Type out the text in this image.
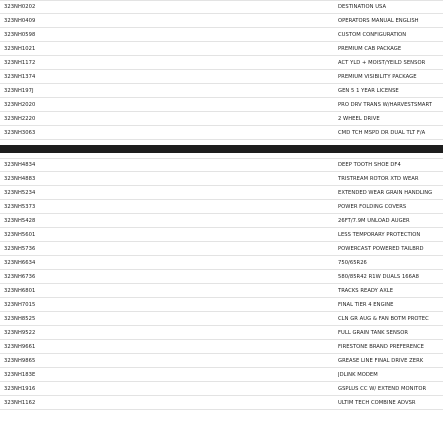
323NH0202	DESTINATION USA
323NH0409	OPERATORS MANUAL ENGLISH
323NH0598	CUSTOM CONFIGURATION
323NH1021	PREMIUM CAB PACKAGE
323NH1172	ACT YLD + MOIST/YEILD SENSOR
323NH1374	PREMIUM VISIBILITY PACKAGE
323NH197J	GEN 5 1 YEAR LICENSE
323NH2020	PRO DRV TRANS W/HARVESTSMART
323NH2220	2 WHEEL DRIVE
323NH3063	CMD TCH MSPD DR DUAL TLT F/A
323NH4834	DEEP TOOTH SHOE DF4
323NH4883	TRISTREAM ROTOR XTD WEAR
323NH5234	EXTENDED WEAR GRAIN HANDLING
323NH5373	POWER FOLDING COVERS
323NH5428	26FT/7.9M UNLOAD AUGER
323NH5601	LESS TEMPORARY PROTECTION
323NH5736	POWERCAST POWERED TAILBRD
323NH6634	750/65R26
323NH6736	580/85R42 R1W DUALS 166A8
323NH6801	TRACKS READY AXLE
323NH7015	FINAL TIER 4 ENGINE
323NH8525	CLN GR AUG & FAN BOTM PROTEC
323NH9522	FULL GRAIN TANK SENSOR
323NH9661	FIRESTONE BRAND PREFERENCE
323NH9865	GREASE LINE FINAL DRIVE ZERK
323NH183E	JDLINK MODEM
323NH1916	GSPLUS CC W/ EXTEND MONITOR
323NH1162	ULTIM TECH COMBINE ADVSR
